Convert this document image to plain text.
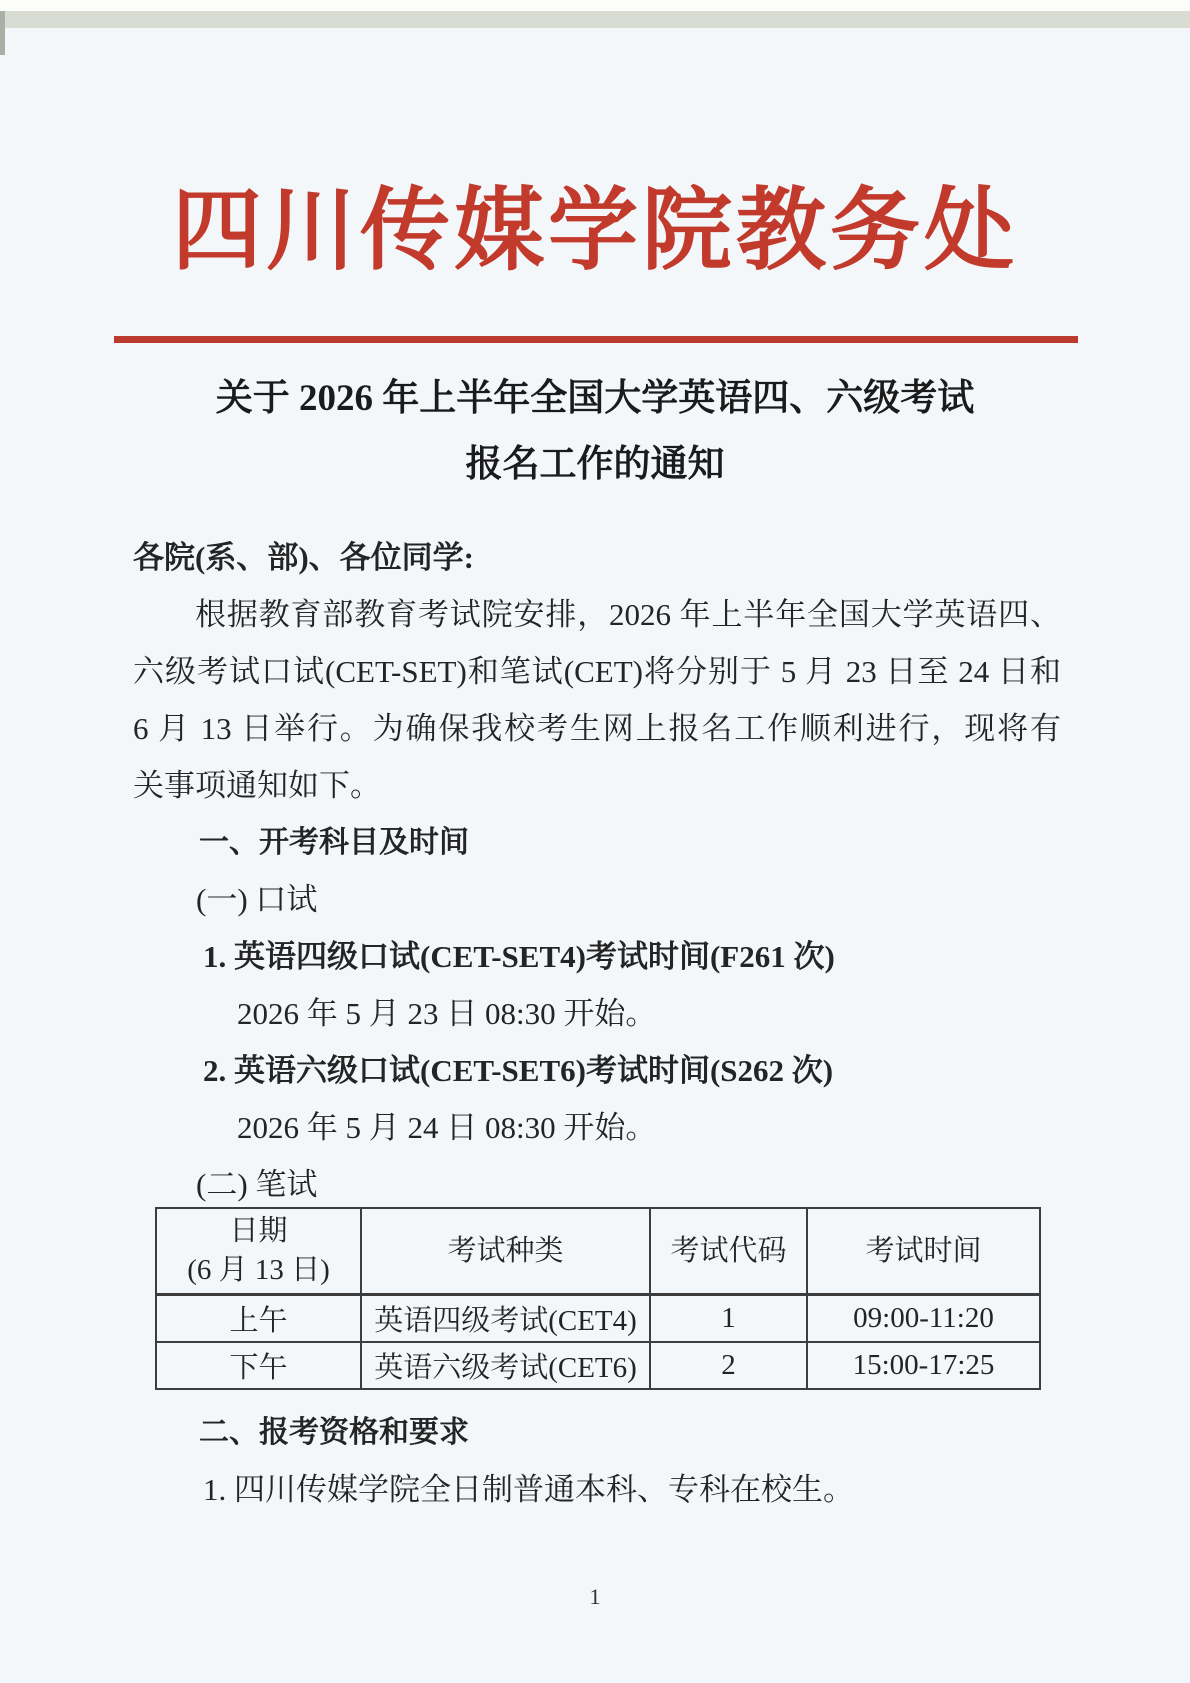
四川传媒学院教务处
关于 2026 年上半年全国大学英语四、六级考试
报名工作的通知
各院(系、部)、各位同学:
根据教育部教育考试院安排，2026 年上半年全国大学英语四、
六级考试口试(CET-SET)和笔试(CET)将分别于 5 月 23 日至 24 日和
6 月 13 日举行。为确保我校考生网上报名工作顺利进行，现将有
关事项通知如下。
一、开考科目及时间
(一) 口试
1. 英语四级口试(CET-SET4)考试时间(F261 次)
2026 年 5 月 23 日 08:30 开始。
2. 英语六级口试(CET-SET6)考试时间(S262 次)
2026 年 5 月 24 日 08:30 开始。
(二) 笔试
日期
(6 月 13 日)	考试种类	考试代码	考试时间
上午	英语四级考试(CET4)	1	09:00-11:20
下午	英语六级考试(CET6)	2	15:00-17:25
二、报考资格和要求
1. 四川传媒学院全日制普通本科、专科在校生。
1
